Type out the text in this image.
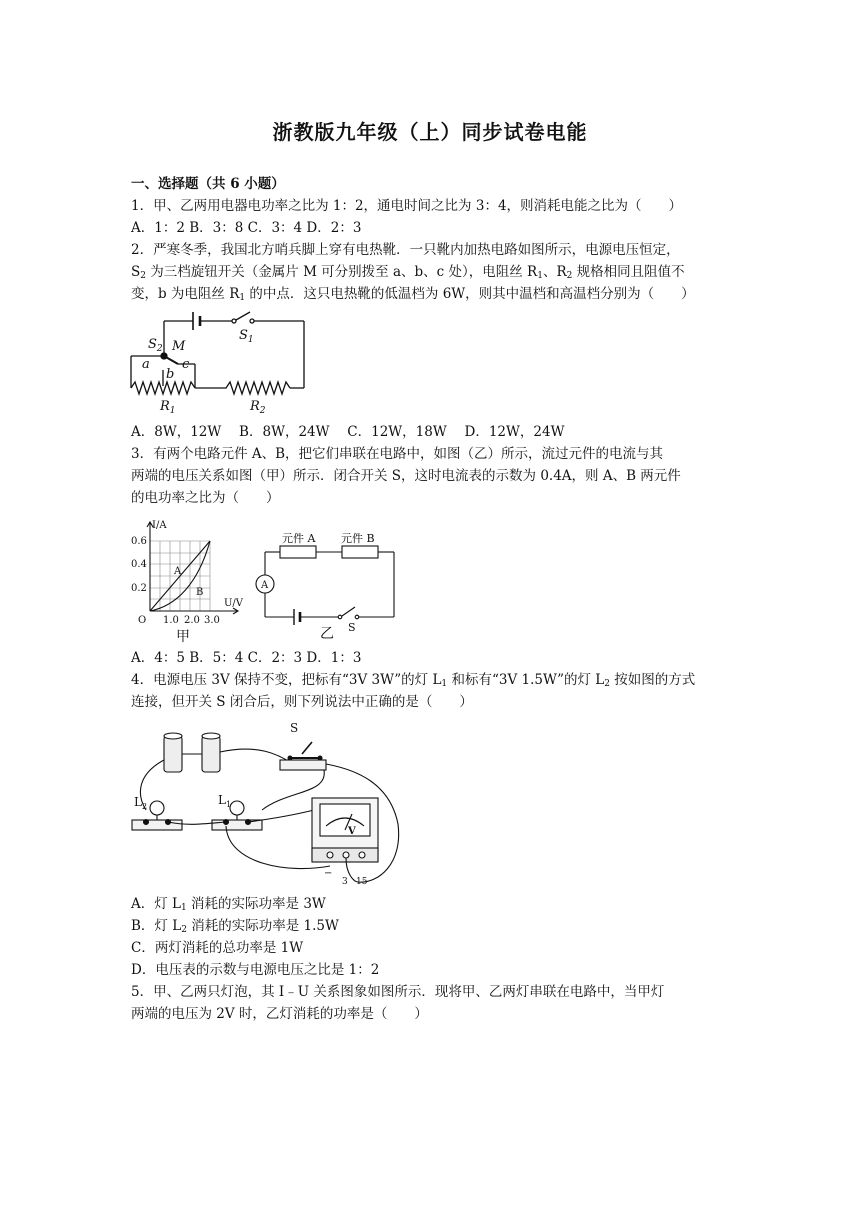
浙教版九年级（上）同步试卷电能
一、选择题（共 6 小题）
1．甲、乙两用电器电功率之比为 1：2，通电时间之比为 3：4，则消耗电能之比为（　　）
A．1：2 B．3：8 C．3：4 D．2：3
2．严寒冬季，我国北方哨兵脚上穿有电热靴．一只靴内加热电路如图所示，电源电压恒定，
$S_2$ 为三档旋钮开关（金属片 M 可分别拨至 a、b、c 处），电阻丝 $R_1$、$R_2$ 规格相同且阻值不
变，b 为电阻丝 $R_1$ 的中点．这只电热靴的低温档为 6W，则其中温档和高温档分别为（　　）
$S_1$
$S_2$ M
a
b
c
$R_1$	$R_2$
A．8W，12W　 B．8W，24W　 C．12W，18W　 D．12W，24W
3．有两个电路元件 A、B，把它们串联在电路中，如图（乙）所示，流过元件的电流与其
两端的电压关系如图（甲）所示．闭合开关 S，这时电流表的示数为 0.4A，则 A、B 两元件
的电功率之比为（　　）
I/A
U/V
O
0.6
0.4
0.2
1.0 2.0 3.0
A
B
甲
元件 A 元件 B
A
S
乙
A．4：5 B．5：4 C．2：3 D．1：3
4．电源电压 3V 保持不变，把标有“3V 3W”的灯 $L_1$ 和标有“3V 1.5W”的灯 $L_2$ 按如图的方式
连接，但开关 S 闭合后，则下列说法中正确的是（　　）
S
$L_2$	$L_1$
V
−
3 15
A．灯 $L_1$ 消耗的实际功率是 3W
B．灯 $L_2$ 消耗的实际功率是 1.5W
C．两灯消耗的总功率是 1W
D．电压表的示数与电源电压之比是 1：2
5．甲、乙两只灯泡，其 I﹣U 关系图象如图所示．现将甲、乙两灯串联在电路中，当甲灯
两端的电压为 2V 时，乙灯消耗的功率是（　　）
